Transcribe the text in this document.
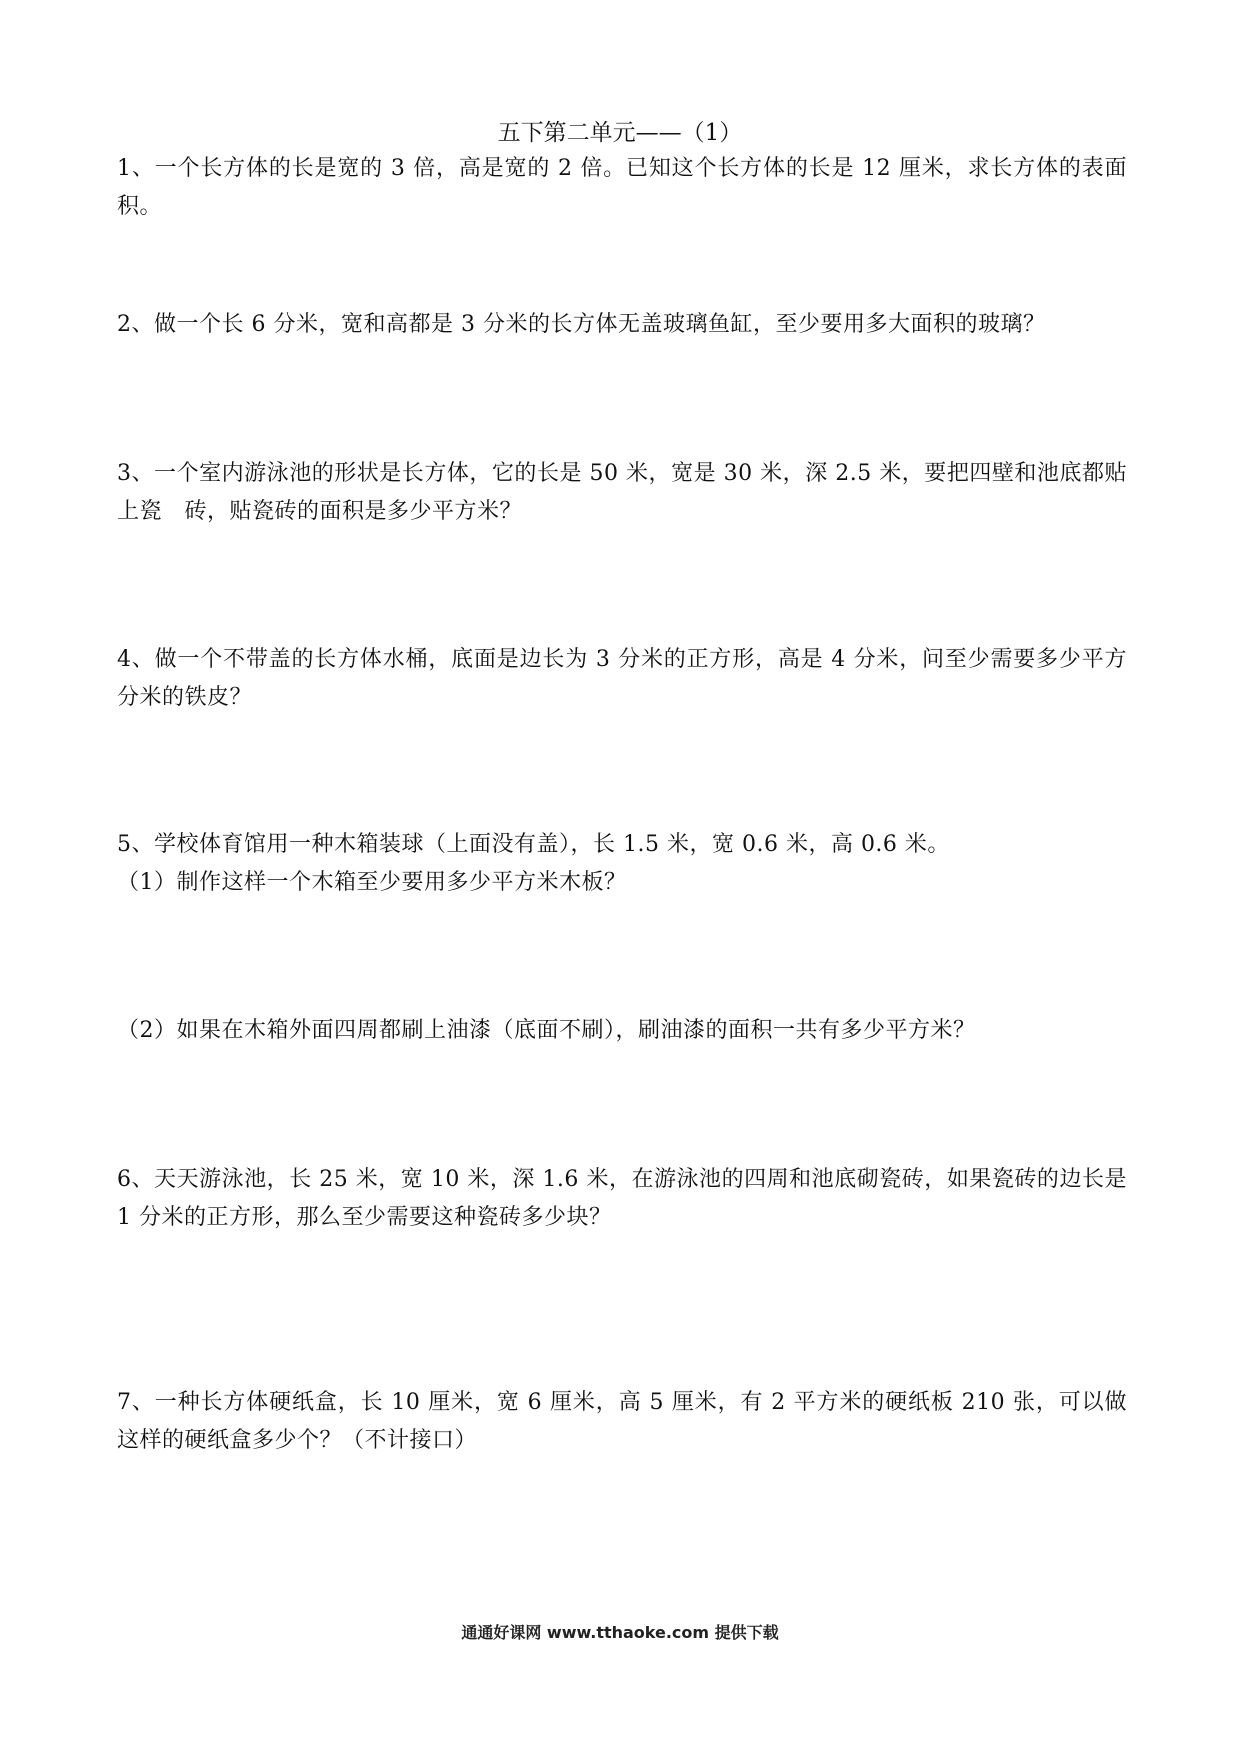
五下第二单元——（1）

1、一个长方体的长是宽的 3 倍，高是宽的 2 倍。已知这个长方体的长是 12 厘米，求长方体的表面积。

2、做一个长 6 分米，宽和高都是 3 分米的长方体无盖玻璃鱼缸，至少要用多大面积的玻璃？

3、一个室内游泳池的形状是长方体，它的长是 50 米，宽是 30 米，深 2.5 米，要把四壁和池底都贴上瓷　砖，贴瓷砖的面积是多少平方米？

4、做一个不带盖的长方体水桶，底面是边长为 3 分米的正方形，高是 4 分米，问至少需要多少平方分米的铁皮？

5、学校体育馆用一种木箱装球（上面没有盖），长 1.5 米，宽 0.6 米，高 0.6 米。

（1）制作这样一个木箱至少要用多少平方米木板？
（2）如果在木箱外面四周都刷上油漆（底面不刷），刷油漆的面积一共有多少平方米？

6、天天游泳池，长 25 米，宽 10 米，深 1.6 米，在游泳池的四周和池底砌瓷砖，如果瓷砖的边长是 1 分米的正方形，那么至少需要这种瓷砖多少块？

7、一种长方体硬纸盒，长 10 厘米，宽 6 厘米，高 5 厘米，有 2 平方米的硬纸板 210 张，可以做这样的硬纸盒多少个？（不计接口）

通通好课网 www.tthaoke.com 提供下载
